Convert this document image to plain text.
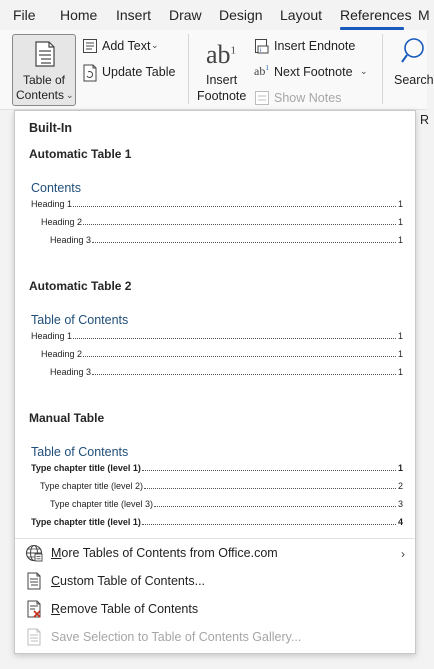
File Home Insert Draw Design Layout References M
Table of
Contents ⌄
Add Text ⌄
Update Table
$ab^1$
Insert
Footnote
i Insert Endnote
$ab^1$ Next Footnote ⌄
Show Notes
Search
R
Built-In
Automatic Table 1
Contents
Heading 1	1
Heading 2	1
Heading 3	1
Automatic Table 2
Table of Contents
Heading 1	1
Heading 2	1
Heading 3	1
Manual Table
Table of Contents
Type chapter title (level 1)	1
Type chapter title (level 2)	2
Type chapter title (level 3)	3
Type chapter title (level 1)	4
More Tables of Contents from Office.com	›
Custom Table of Contents...
Remove Table of Contents
Save Selection to Table of Contents Gallery...
